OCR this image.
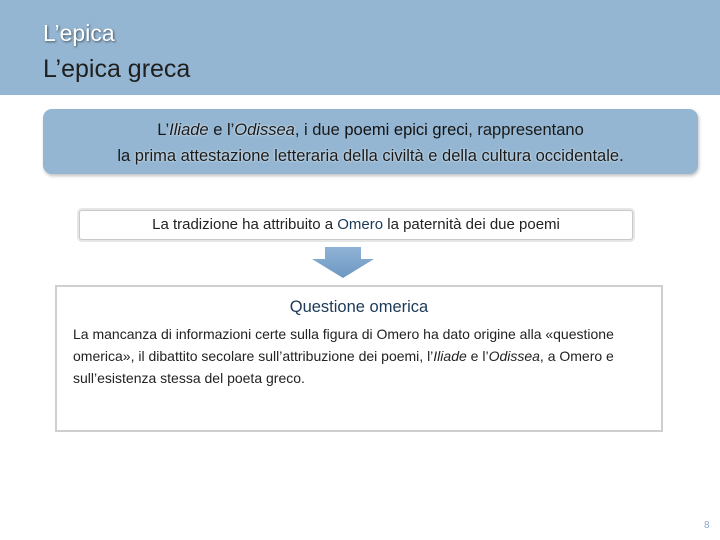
L’epica
L’epica greca
L’Iliade e l’Odissea, i due poemi epici greci, rappresentano
la prima attestazione letteraria della civiltà e della cultura occidentale.
La tradizione ha attribuito a Omero la paternità dei due poemi
Questione omerica
La mancanza di informazioni certe sulla figura di Omero ha dato origine alla «questione omerica», il dibattito secolare sull’attribuzione dei poemi, l’Iliade e l’Odissea, a Omero e sull’esistenza stessa del poeta greco.
8
